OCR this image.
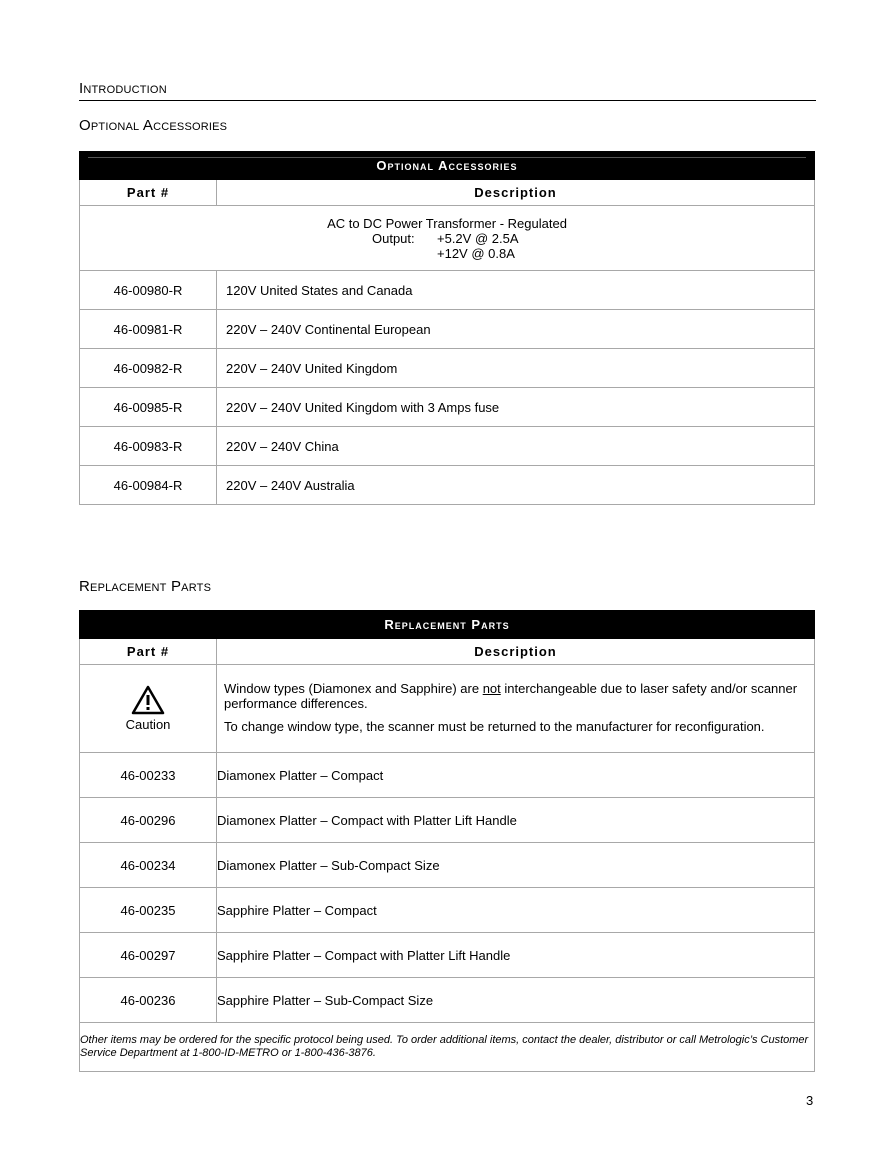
Introduction
Optional Accessories
Optional Accessories	
Part #	Description

AC to DC Power Transformer - Regulated
Output: +5.2V @ 2.5A
+12V @ 0.8A	
46-00980-R	120V United States and Canada
46-00981-R	220V – 240V Continental European
46-00982-R	220V – 240V United Kingdom
46-00985-R	220V – 240V United Kingdom with 3 Amps fuse
46-00983-R	220V – 240V China
46-00984-R	220V – 240V Australia
Replacement Parts
Replacement Parts	
Part #	Description

Caution	Window types (Diamonex and Sapphire) are not interchangeable due to laser safety and/or scanner performance differences.

To change window type, the scanner must be returned to the manufacturer for reconfiguration.

46-00233	Diamonex Platter – Compact
46-00296	Diamonex Platter – Compact with Platter Lift Handle
46-00234	Diamonex Platter – Sub-Compact Size
46-00235	Sapphire Platter – Compact
46-00297	Sapphire Platter – Compact with Platter Lift Handle
46-00236	Sapphire Platter – Sub-Compact Size
Other items may be ordered for the specific protocol being used. To order additional items, contact the dealer, distributor or call Metrologic’s Customer Service Department at 1-800-ID-METRO or 1-800-436-3876.	
3
